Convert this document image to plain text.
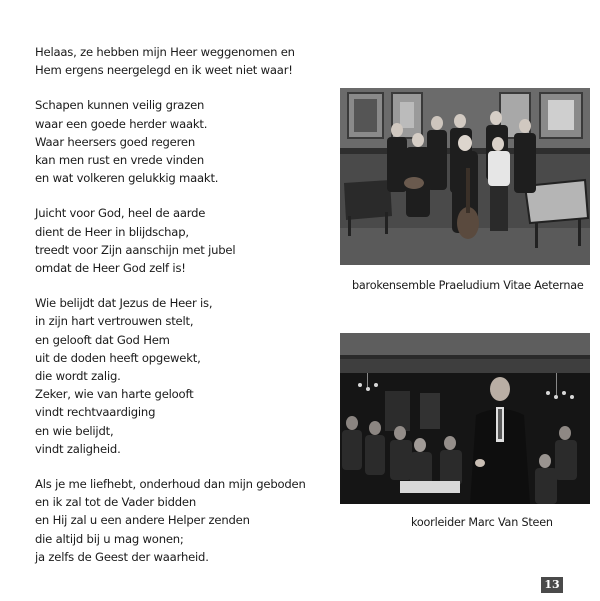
Helaas, ze hebben mijn Heer weggenomen en
Hem ergens neergelegd en ik weet niet waar!
Schapen kunnen veilig grazen
waar een goede herder waakt.
Waar heersers goed regeren
kan men rust en vrede vinden
en wat volkeren gelukkig maakt.
Juicht voor God, heel de aarde
dient de Heer in blijdschap,
treedt voor Zijn aanschijn met jubel
omdat de Heer God zelf is!
Wie belijdt dat Jezus de Heer is,
in zijn hart vertrouwen stelt,
en gelooft dat God Hem
uit de doden heeft opgewekt,
die wordt zalig.
Zeker, wie van harte gelooft
vindt rechtvaardiging
en wie belijdt,
vindt zaligheid.
Als je me liefhebt, onderhoud dan mijn geboden
en ik zal tot de Vader bidden
en Hij zal u een andere Helper zenden
die altijd bij u mag wonen;
ja zelfs de Geest der waarheid.
barokensemble Praeludium Vitae Aeternae
koorleider Marc Van Steen
13
